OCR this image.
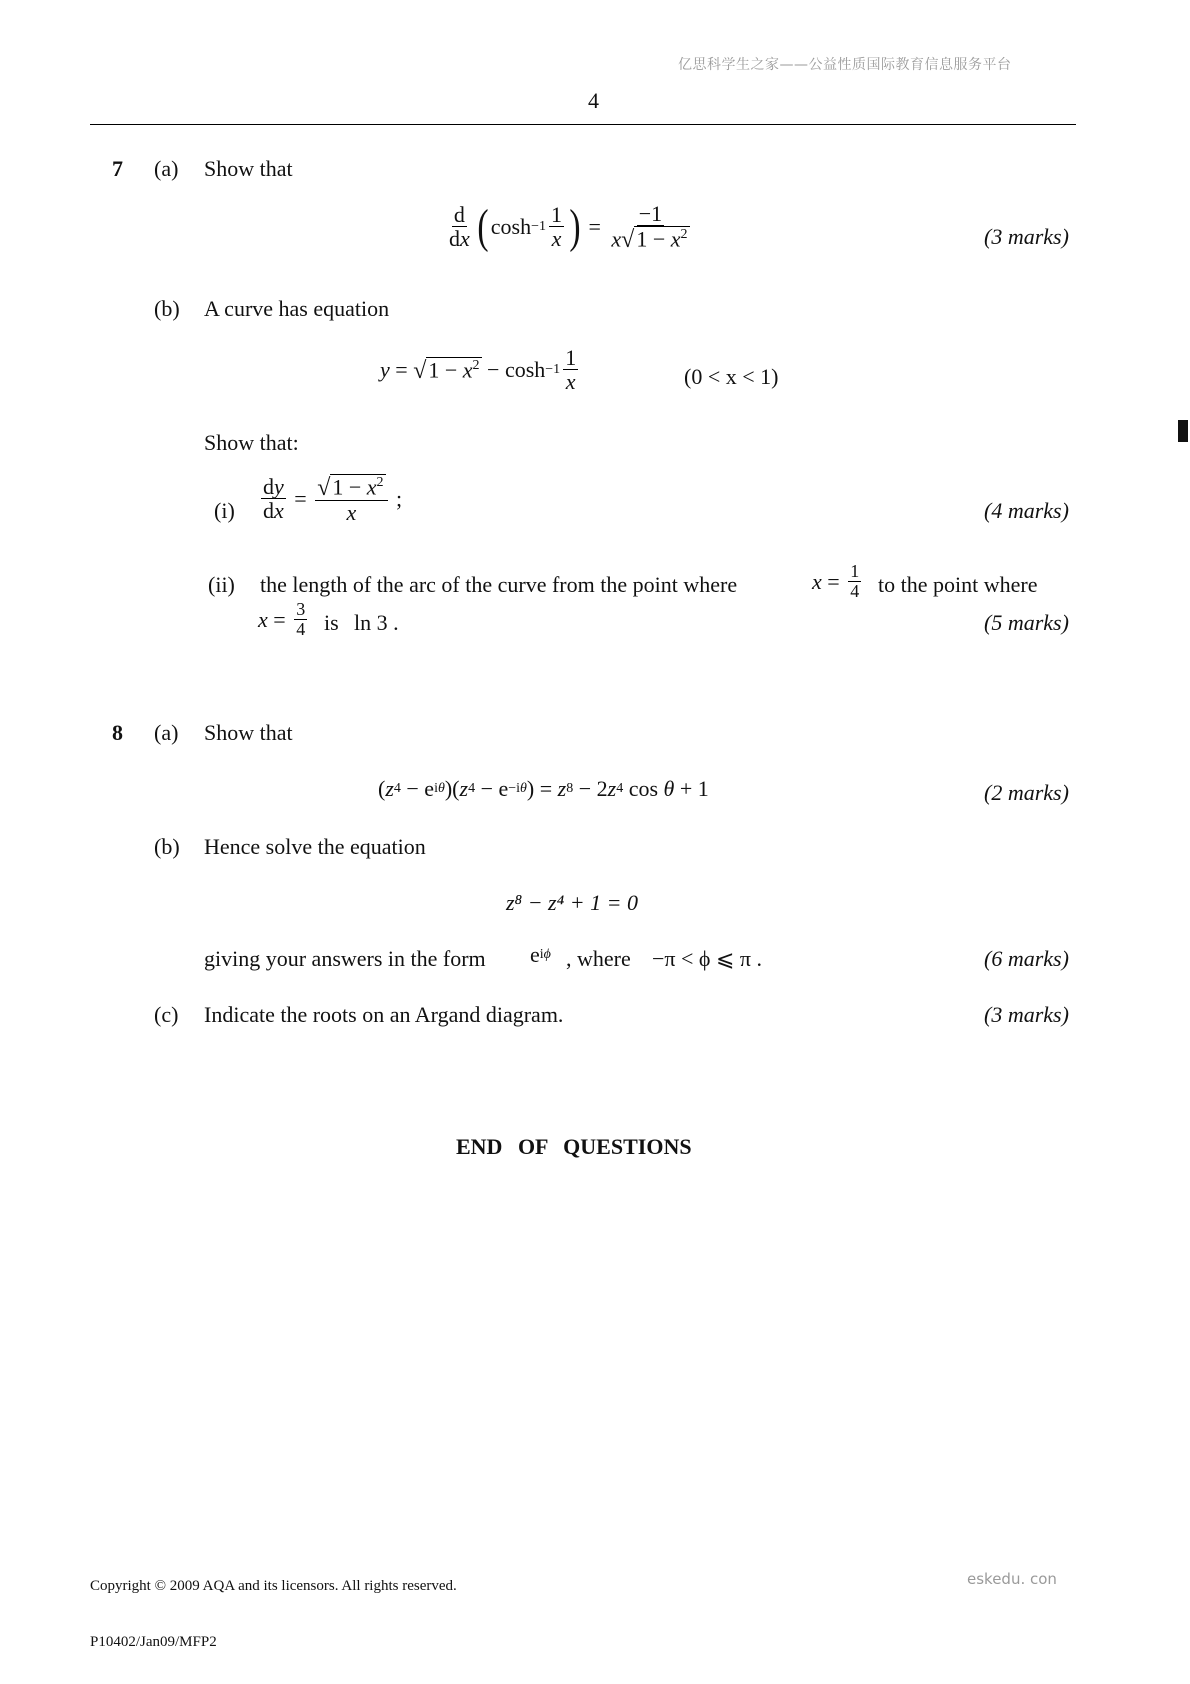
亿思科学生之家——公益性质国际教育信息服务平台
4
7 (a) Show that
$\frac{d}{dx}$ ( $\cosh -1 \frac{1}{x}$ ) = $\frac{-1}{x √ 1 - x^2}$	(3 marks)
(b) A curve has equation
y = √ $1 - x^2 - \cosh -1 \frac{1}{x}$	(0 < x < 1)
Show that:
$(i) \frac{dy}{dx} = \frac{√ 1 - x^2}{x}$ ;	(4 marks)
(ii) the length of the arc of the curve from the point where	$x = \frac{1}{4}$ to the point where
$x = \frac{3}{4}$ is ln 3 .	(5 marks)
8 (a) Show that
( z 4 − e iθ )( z 4 − e −iθ ) = z 8 − 2 z 4 cos θ + 1	(2 marks)
(b) Hence solve the equation
z⁸ − z⁴ + 1 = 0
giving your answers in the form e iϕ , where −π < ϕ ⩽ π .	(6 marks)
(c) Indicate the roots on an Argand diagram.	(3 marks)
END OF QUESTIONS
eskedu. con
Copyright © 2009 AQA and its licensors. All rights reserved.
P10402/Jan09/MFP2
